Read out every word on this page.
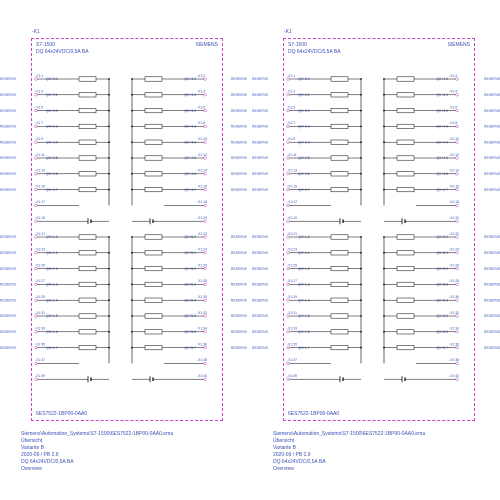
-K1
S7-1500
DQ 64x24VDC/0,5A BA
SIEMENS
6ES7522-1BP00-0AA0
-X1:1
QX+0.0
-X1:2
QX+4.0
RESERVE	RESERVE
-X1:3
QX+0.1
-X1:4
QX+4.1
RESERVE	RESERVE
-X1:5
QX+0.2
-X1:6
QX+4.2
RESERVE	RESERVE
-X1:7
QX+0.3
-X1:8
QX+4.3
RESERVE	RESERVE
-X1:9
QX+0.4
-X1:10
QX+4.4
RESERVE	RESERVE
-X1:11
QX+0.5
-X1:12
QX+4.5
RESERVE	RESERVE
-X1:13
QX+0.6
-X1:14
QX+4.6
RESERVE	RESERVE
-X1:15
QX+0.7
-X1:16
QX+4.7
RESERVE	RESERVE
-X1:17	-X1:18
-X1:19	-X1:20
-X1:21
QX+1.0
-X1:22
QX+5.0
RESERVE	RESERVE
-X1:23
QX+1.1
-X1:24
QX+5.1
RESERVE	RESERVE
-X1:25
QX+1.2
-X1:26
QX+5.2
RESERVE	RESERVE
-X1:27
QX+1.3
-X1:28
QX+5.3
RESERVE	RESERVE
-X1:29
QX+1.4
-X1:30
QX+5.4
RESERVE	RESERVE
-X1:31
QX+1.5
-X1:32
QX+5.5
RESERVE	RESERVE
-X1:33
QX+1.6
-X1:34
QX+5.6
RESERVE	RESERVE
-X1:35
QX+1.7
-X1:36
QX+5.7
RESERVE	RESERVE
-X1:37	-X1:38
-X1:39	-X1:40
Siemens\Automation_Systems\S7-1500\6ES7522-1BP00-0AA0.ema
Übersicht
Variante B
2020-09 / PB 2.9
DQ 64x24VDC/0,5A BA
Overview
-K1
S7-1500
DQ 64x24VDC/0,5A BA
SIEMENS
6ES7522-1BP00-0AA0
-X1:1
QX+0.0
-X1:2
QX+4.0
RESERVE	RESERVE
-X1:3
QX+0.1
-X1:4
QX+4.1
RESERVE	RESERVE
-X1:5
QX+0.2
-X1:6
QX+4.2
RESERVE	RESERVE
-X1:7
QX+0.3
-X1:8
QX+4.3
RESERVE	RESERVE
-X1:9
QX+0.4
-X1:10
QX+4.4
RESERVE	RESERVE
-X1:11
QX+0.5
-X1:12
QX+4.5
RESERVE	RESERVE
-X1:13
QX+0.6
-X1:14
QX+4.6
RESERVE	RESERVE
-X1:15
QX+0.7
-X1:16
QX+4.7
RESERVE	RESERVE
-X1:17	-X1:18
-X1:19	-X1:20
-X1:21
QX+1.0
-X1:22
QX+5.0
RESERVE	RESERVE
-X1:23
QX+1.1
-X1:24
QX+5.1
RESERVE	RESERVE
-X1:25
QX+1.2
-X1:26
QX+5.2
RESERVE	RESERVE
-X1:27
QX+1.3
-X1:28
QX+5.3
RESERVE	RESERVE
-X1:29
QX+1.4
-X1:30
QX+5.4
RESERVE	RESERVE
-X1:31
QX+1.5
-X1:32
QX+5.5
RESERVE	RESERVE
-X1:33
QX+1.6
-X1:34
QX+5.6
RESERVE	RESERVE
-X1:35
QX+1.7
-X1:36
QX+5.7
RESERVE	RESERVE
-X1:37	-X1:38
-X1:39	-X1:40
Siemens\Automation_Systems\S7-1500\6ES7522-1BP00-0AA0.ema
Übersicht
Variante B
2020-09 / PB 2.9
DQ 64x24VDC/0,5A BA
Overview
